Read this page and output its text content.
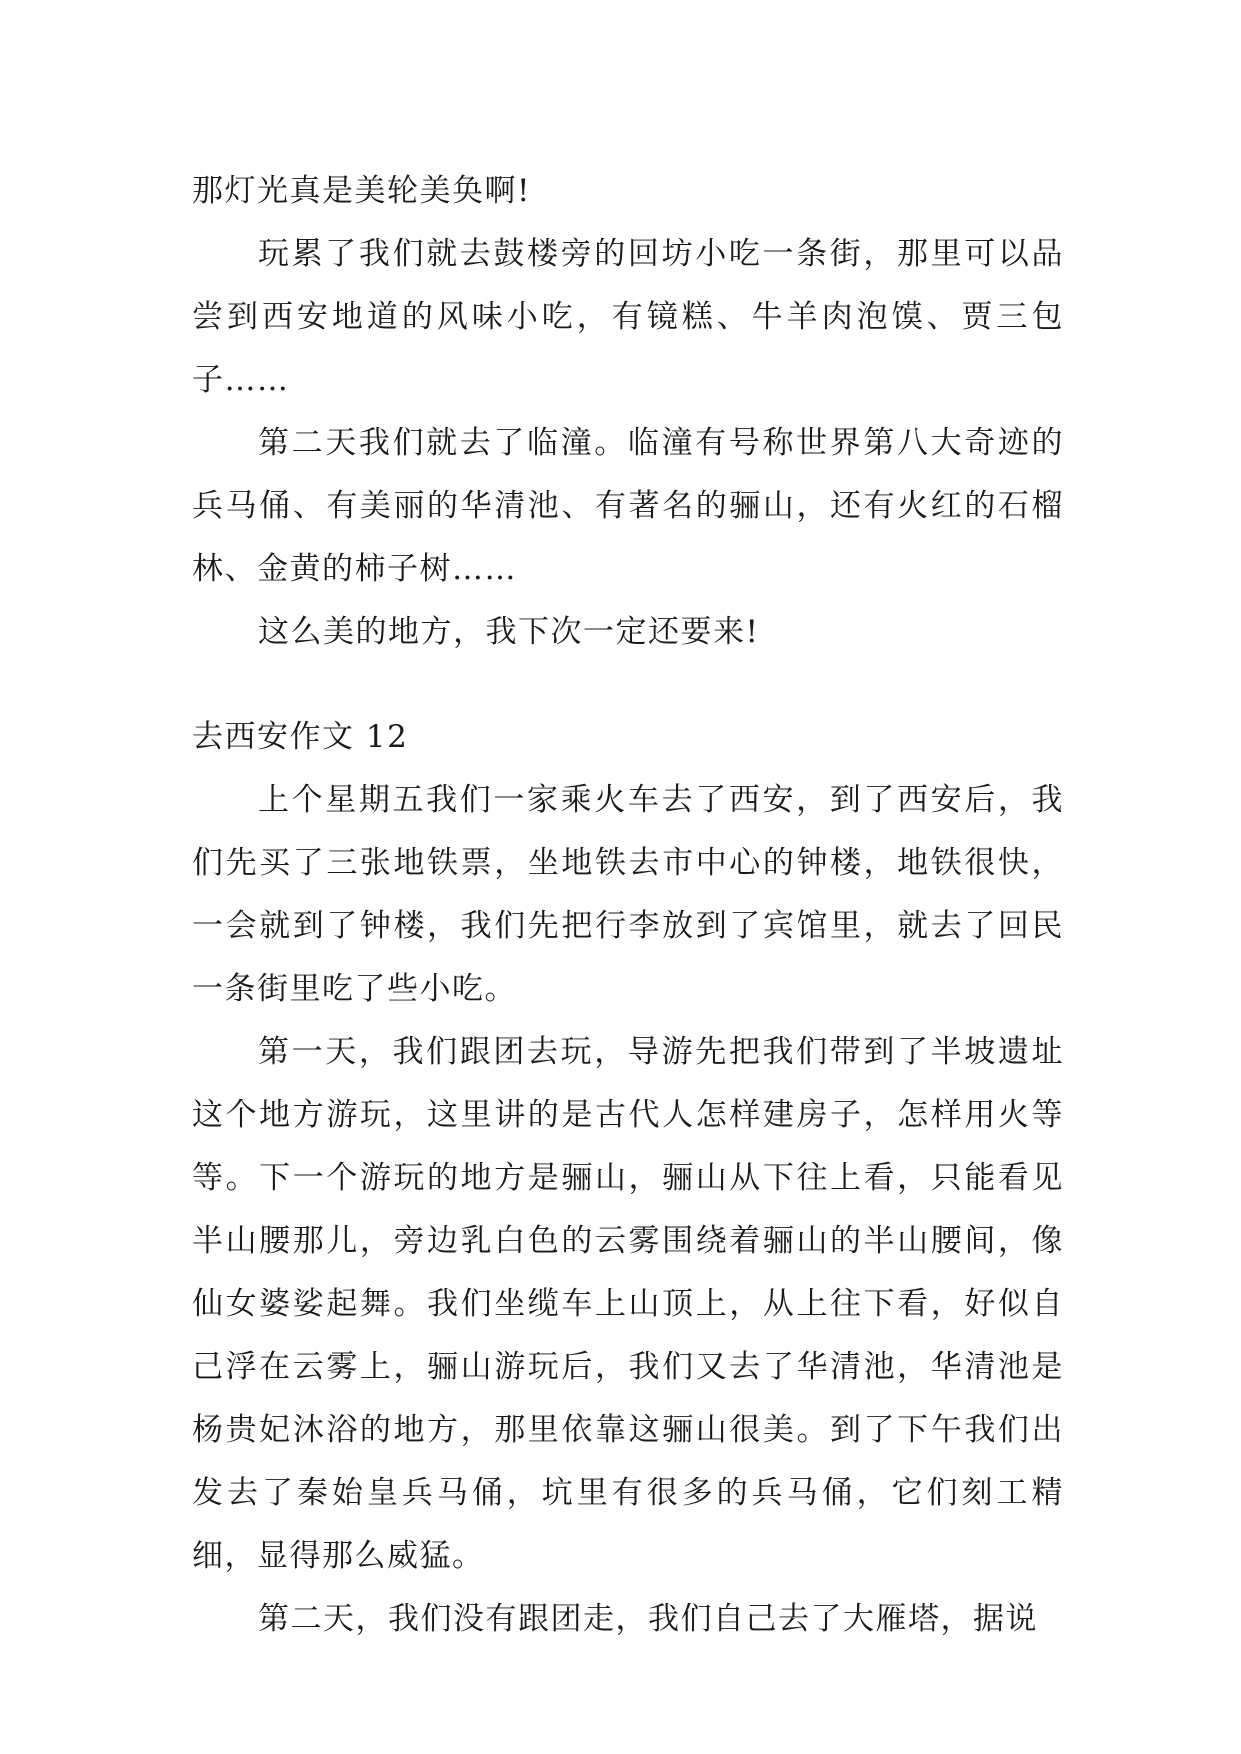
那灯光真是美轮美奂啊!

玩累了我们就去鼓楼旁的回坊小吃一条街，那里可以品尝到西安地道的风味小吃，有镜糕、牛羊肉泡馍、贾三包子……

第二天我们就去了临潼。临潼有号称世界第八大奇迹的兵马俑、有美丽的华清池、有著名的骊山，还有火红的石榴林、金黄的柿子树……

这么美的地方，我下次一定还要来!

去西安作文 12

上个星期五我们一家乘火车去了西安，到了西安后，我们先买了三张地铁票，坐地铁去市中心的钟楼，地铁很快，一会就到了钟楼，我们先把行李放到了宾馆里，就去了回民一条街里吃了些小吃。

第一天，我们跟团去玩，导游先把我们带到了半坡遗址这个地方游玩，这里讲的是古代人怎样建房子，怎样用火等等。下一个游玩的地方是骊山，骊山从下往上看，只能看见半山腰那儿，旁边乳白色的云雾围绕着骊山的半山腰间，像仙女婆娑起舞。我们坐缆车上山顶上，从上往下看，好似自己浮在云雾上，骊山游玩后，我们又去了华清池，华清池是杨贵妃沐浴的地方，那里依靠这骊山很美。到了下午我们出发去了秦始皇兵马俑，坑里有很多的兵马俑，它们刻工精细，显得那么威猛。

第二天，我们没有跟团走，我们自己去了大雁塔，据说
